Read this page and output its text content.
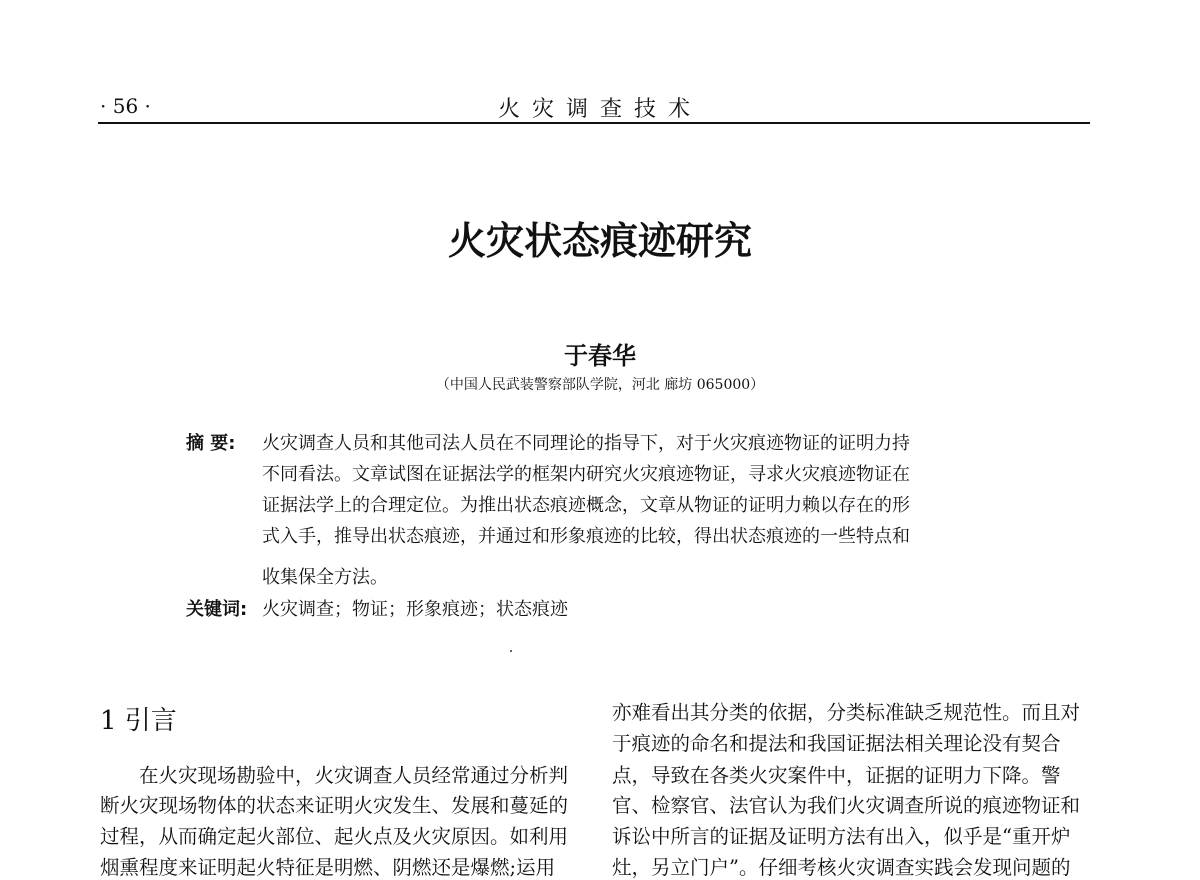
· 56 ·	火灾调查技术
火灾状态痕迹研究
于春华
（中国人民武装警察部队学院，河北 廊坊 065000）
摘 要: 火灾调查人员和其他司法人员在不同理论的指导下，对于火灾痕迹物证的证明力持
不同看法。文章试图在证据法学的框架内研究火灾痕迹物证，寻求火灾痕迹物证在
证据法学上的合理定位。为推出状态痕迹概念，文章从物证的证明力赖以存在的形
式入手，推导出状态痕迹，并通过和形象痕迹的比较，得出状态痕迹的一些特点和
收集保全方法。
关键词: 火灾调查；物证；形象痕迹；状态痕迹
1 引言
　　在火灾现场勘验中，火灾调查人员经常通过分析判
断火灾现场物体的状态来证明火灾发生、发展和蔓延的
过程，从而确定起火部位、起火点及火灾原因。如利用
烟熏程度来证明起火特征是明燃、阴燃还是爆燃;运用
亦难看出其分类的依据，分类标准缺乏规范性。而且对
于痕迹的命名和提法和我国证据法相关理论没有契合
点，导致在各类火灾案件中，证据的证明力下降。警
官、检察官、法官认为我们火灾调查所说的痕迹物证和
诉讼中所言的证据及证明方法有出入，似乎是“重开炉
灶，另立门户”。仔细考核火灾调查实践会发现问题的
